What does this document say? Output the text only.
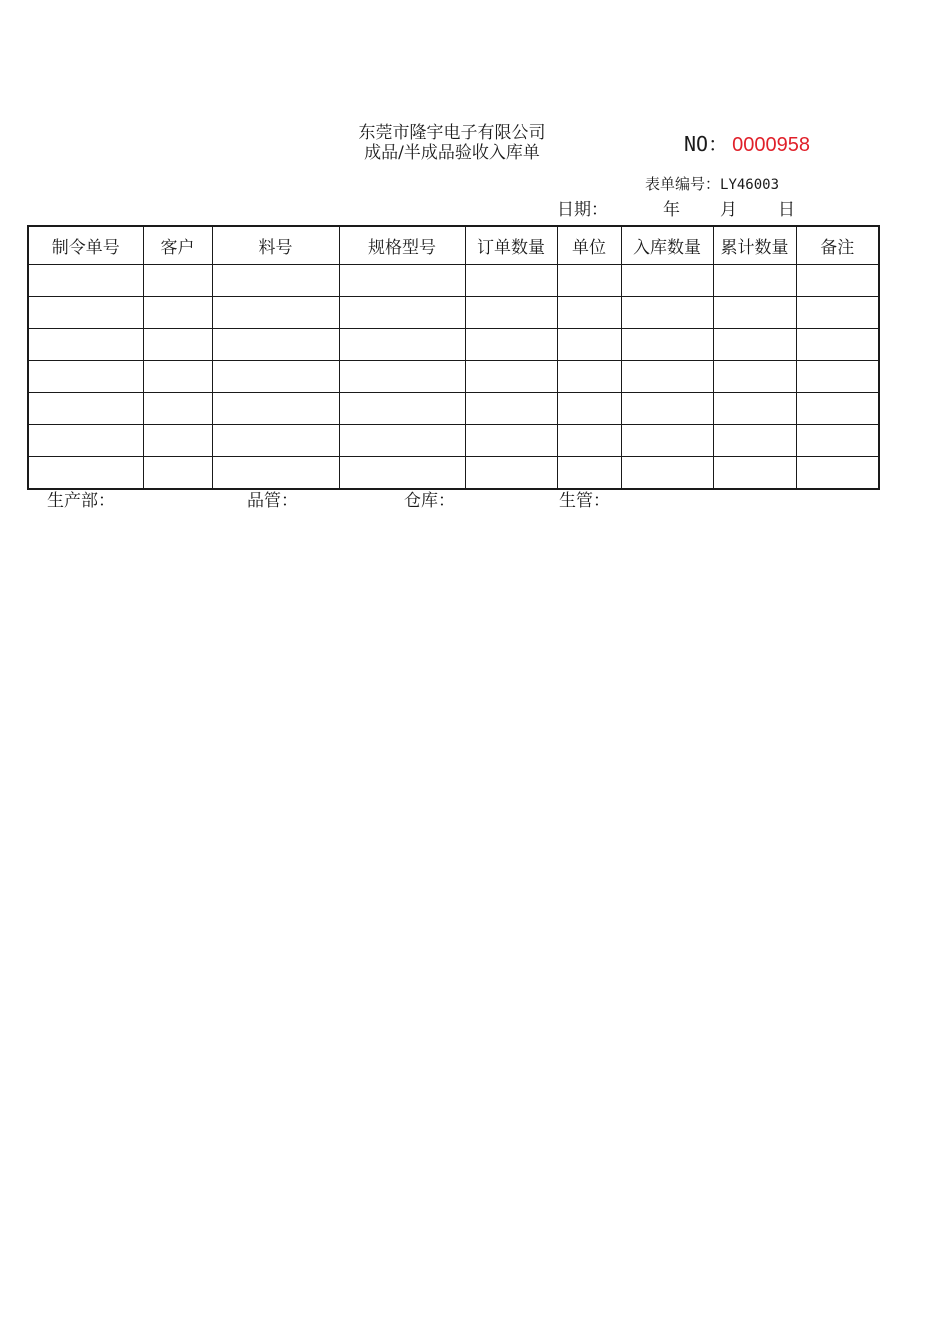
东莞市隆宇电子有限公司
成品/半成品验收入库单	NO： 0000958
表单编号：LY46003
日期：	年 月 日
制令单号	客户	料号	规格型号	订单数量	单位	入库数量	累计数量	备注

生产部：	品管：	仓库：	生管：
